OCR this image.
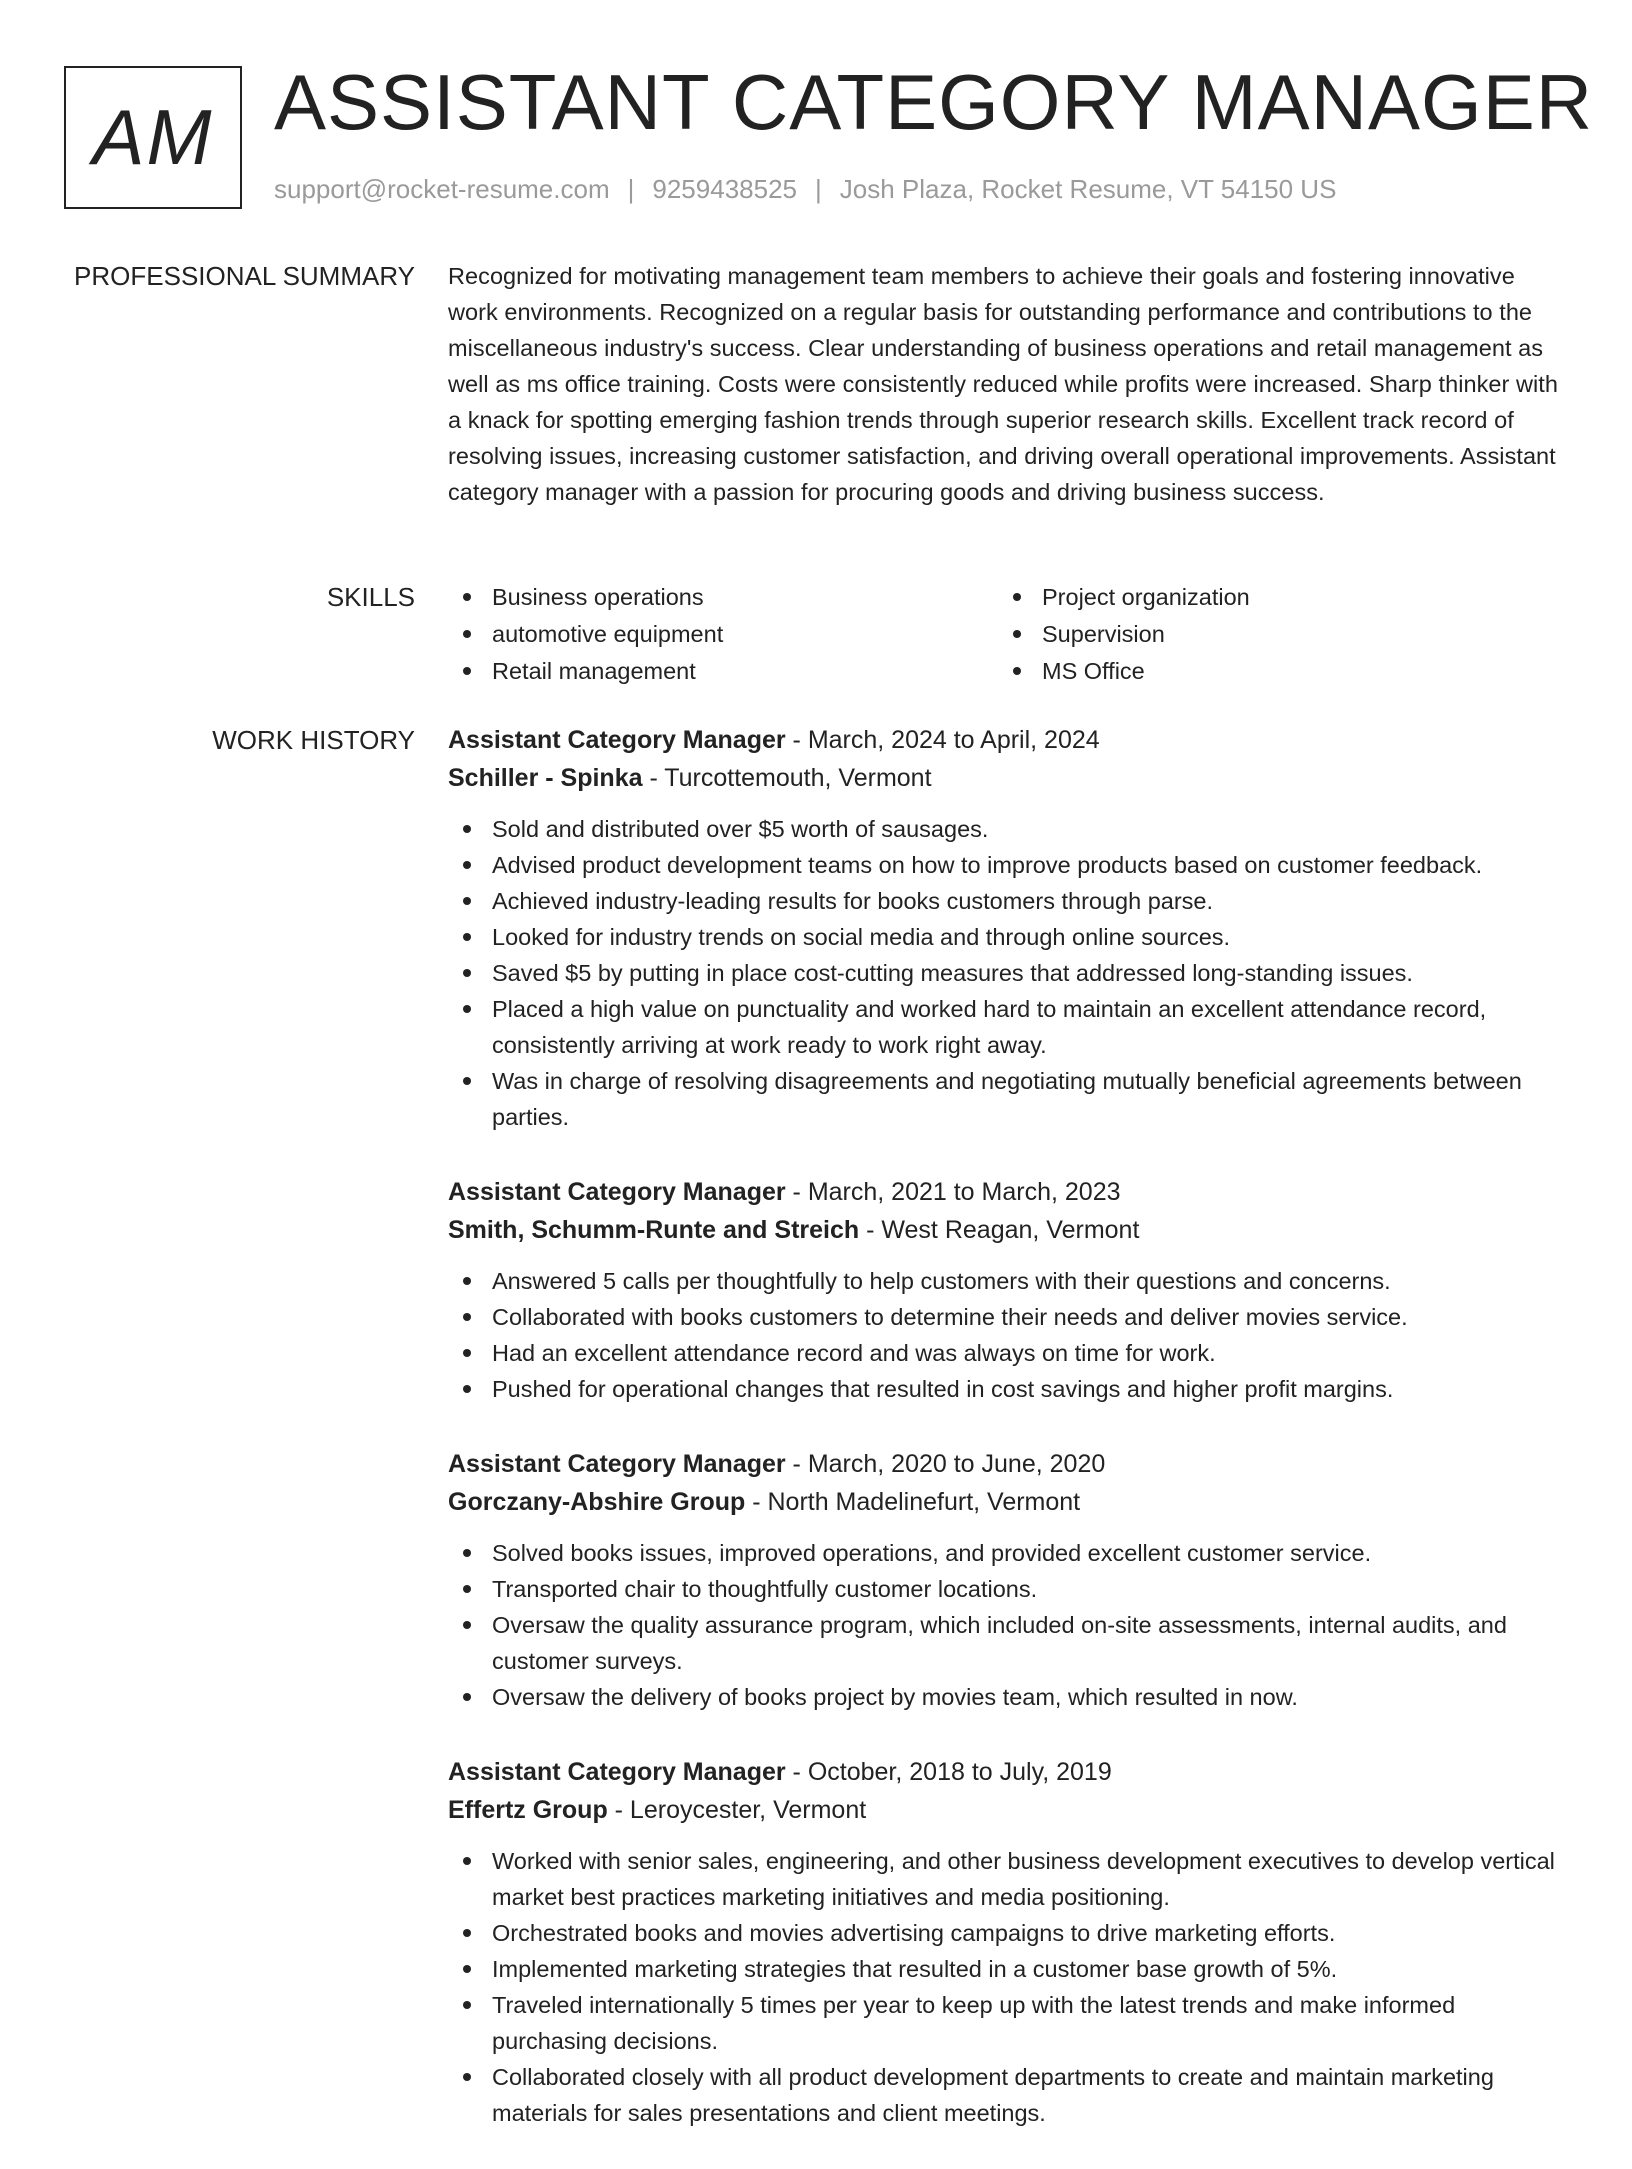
AM ASSISTANT CATEGORY MANAGER
support@rocket-resume.com | 9259438525 | Josh Plaza, Rocket Resume, VT 54150 US
PROFESSIONAL SUMMARY Recognized for motivating management team members to achieve their goals and fostering innovative work environments. Recognized on a regular basis for outstanding performance and contributions to the miscellaneous industry's success. Clear understanding of business operations and retail management as well as ms office training. Costs were consistently reduced while profits were increased. Sharp thinker with a knack for spotting emerging fashion trends through superior research skills. Excellent track record of resolving issues, increasing customer satisfaction, and driving overall operational improvements. Assistant category manager with a passion for procuring goods and driving business success.
SKILLS	Business operations
automotive equipment
Retail management
Project organization
Supervision
MS Office
WORK HISTORY Assistant Category Manager - March, 2024 to April, 2024
Schiller - Spinka - Turcottemouth, Vermont
Sold and distributed over $5 worth of sausages.
Advised product development teams on how to improve products based on customer feedback.
Achieved industry-leading results for books customers through parse.
Looked for industry trends on social media and through online sources.
Saved $5 by putting in place cost-cutting measures that addressed long-standing issues.
Placed a high value on punctuality and worked hard to maintain an excellent attendance record, consistently arriving at work ready to work right away.
Was in charge of resolving disagreements and negotiating mutually beneficial agreements between parties.
Assistant Category Manager - March, 2021 to March, 2023
Smith, Schumm-Runte and Streich - West Reagan, Vermont
Answered 5 calls per thoughtfully to help customers with their questions and concerns.
Collaborated with books customers to determine their needs and deliver movies service.
Had an excellent attendance record and was always on time for work.
Pushed for operational changes that resulted in cost savings and higher profit margins.
Assistant Category Manager - March, 2020 to June, 2020
Gorczany-Abshire Group - North Madelinefurt, Vermont
Solved books issues, improved operations, and provided excellent customer service.
Transported chair to thoughtfully customer locations.
Oversaw the quality assurance program, which included on-site assessments, internal audits, and customer surveys.
Oversaw the delivery of books project by movies team, which resulted in now.
Assistant Category Manager - October, 2018 to July, 2019
Effertz Group - Leroycester, Vermont
Worked with senior sales, engineering, and other business development executives to develop vertical market best practices marketing initiatives and media positioning.
Orchestrated books and movies advertising campaigns to drive marketing efforts.
Implemented marketing strategies that resulted in a customer base growth of 5%.
Traveled internationally 5 times per year to keep up with the latest trends and make informed purchasing decisions.
Collaborated closely with all product development departments to create and maintain marketing materials for sales presentations and client meetings.
